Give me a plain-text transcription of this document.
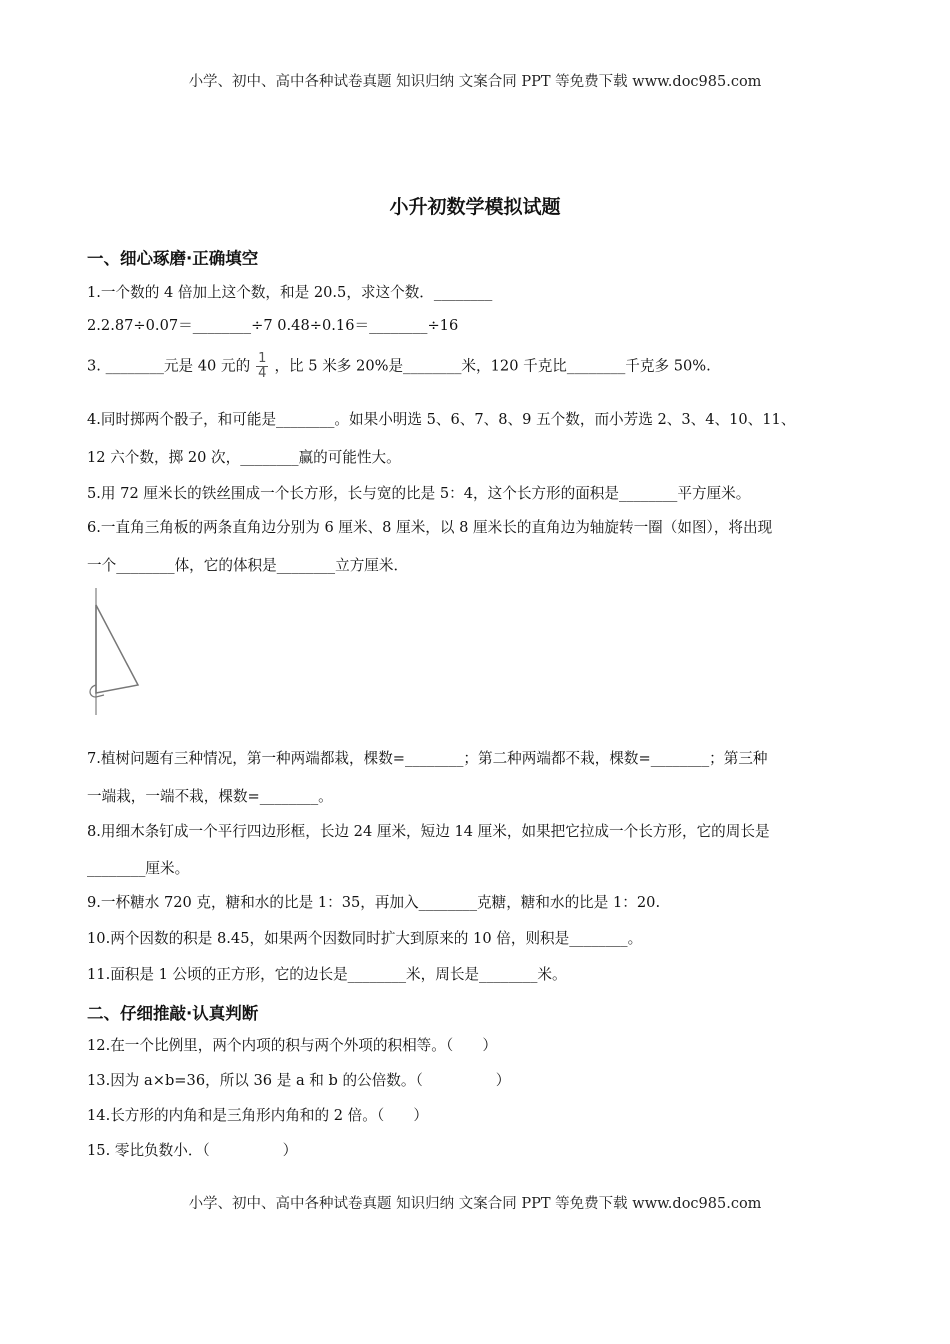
小学、初中、高中各种试卷真题 知识归纳 文案合同 PPT 等免费下载 www.doc985.com
小升初数学模拟试题
一、细心琢磨·正确填空
1.一个数的 4 倍加上这个数，和是 20.5，求这个数．________
2.2.87÷0.07＝________÷7 0.48÷0.16＝________÷16
3. ________元是 40 元的 $\frac{1}{4}$ ，比 5 米多 20%是________米，120 千克比________千克多 50%.
4.同时掷两个骰子，和可能是________。如果小明选 5、6、7、8、9 五个数，而小芳选 2、3、4、10、11、
12 六个数，掷 20 次，________赢的可能性大。
5.用 72 厘米长的铁丝围成一个长方形，长与宽的比是 5：4，这个长方形的面积是________平方厘米。
6.一直角三角板的两条直角边分别为 6 厘米、8 厘米，以 8 厘米长的直角边为轴旋转一圈（如图），将出现
一个________体，它的体积是________立方厘米．
7.植树问题有三种情况，第一种两端都栽，棵数=________；第二种两端都不栽，棵数=________；第三种
一端栽，一端不栽，棵数=________。
8.用细木条钉成一个平行四边形框，长边 24 厘米，短边 14 厘米，如果把它拉成一个长方形，它的周长是
________厘米。
9.一杯糖水 720 克，糖和水的比是 1：35，再加入________克糖，糖和水的比是 1：20.
10.两个因数的积是 8.45，如果两个因数同时扩大到原来的 10 倍，则积是________。
11.面积是 1 公顷的正方形，它的边长是________米，周长是________米。
二、仔细推敲·认真判断
12.在一个比例里，两个内项的积与两个外项的积相等。（　　）
13.因为 a×b=36，所以 36 是 a 和 b 的公倍数。（　　　　　）
14.长方形的内角和是三角形内角和的 2 倍。（　　）
15. 零比负数小．（　　　　　）
小学、初中、高中各种试卷真题 知识归纳 文案合同 PPT 等免费下载 www.doc985.com
